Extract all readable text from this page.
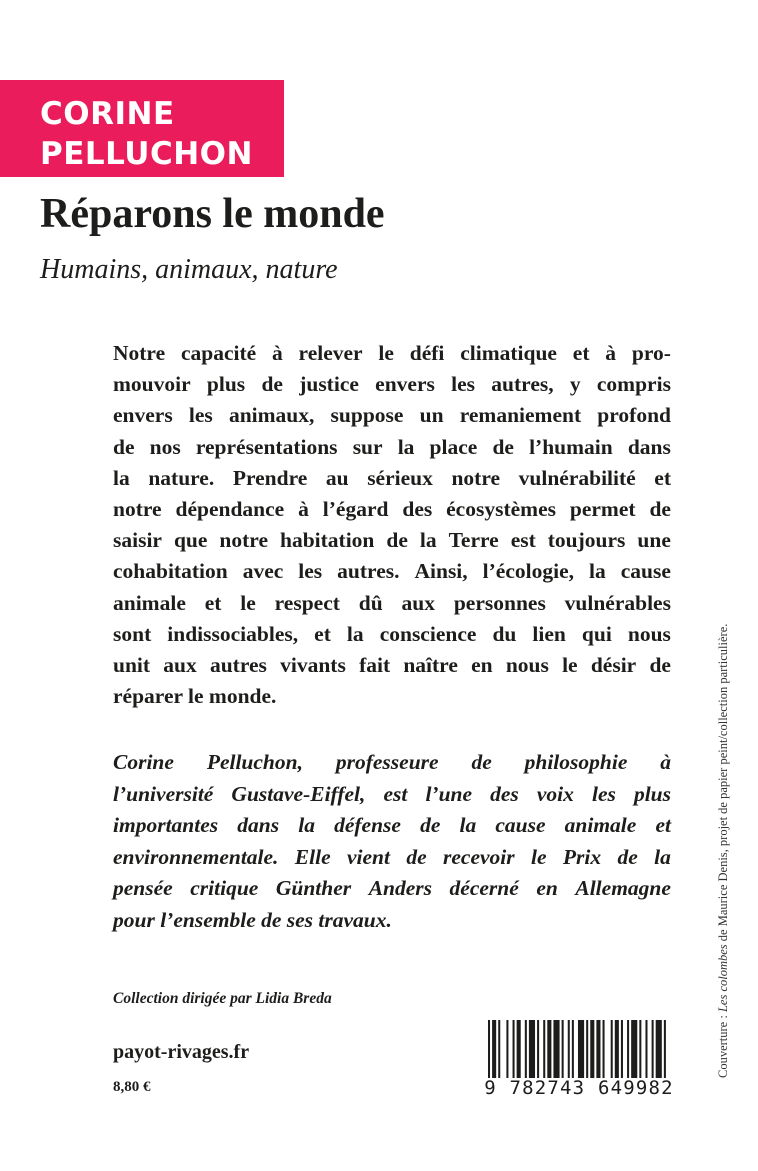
CORINE
PELLUCHON
Réparons le monde
Humains, animaux, nature
Notre capacité à relever le défi climatique et à pro-
mouvoir plus de justice envers les autres, y compris
envers les animaux, suppose un remaniement profond
de nos représentations sur la place de l’humain dans
la nature. Prendre au sérieux notre vulnérabilité et
notre dépendance à l’égard des écosystèmes permet de
saisir que notre habitation de la Terre est toujours une
cohabitation avec les autres. Ainsi, l’écologie, la cause
animale et le respect dû aux personnes vulnérables
sont indissociables, et la conscience du lien qui nous
unit aux autres vivants fait naître en nous le désir de
réparer le monde.
Corine Pelluchon, professeure de philosophie à
l’université Gustave-Eiffel, est l’une des voix les plus
importantes dans la défense de la cause animale et
environnementale. Elle vient de recevoir le Prix de la
pensée critique Günther Anders décerné en Allemagne
pour l’ensemble de ses travaux.
Collection dirigée par Lidia Breda
payot-rivages.fr
8,80 €	9 782743 649982
Couverture : Les colombes de Maurice Denis, projet de papier peint/collection particulière.
